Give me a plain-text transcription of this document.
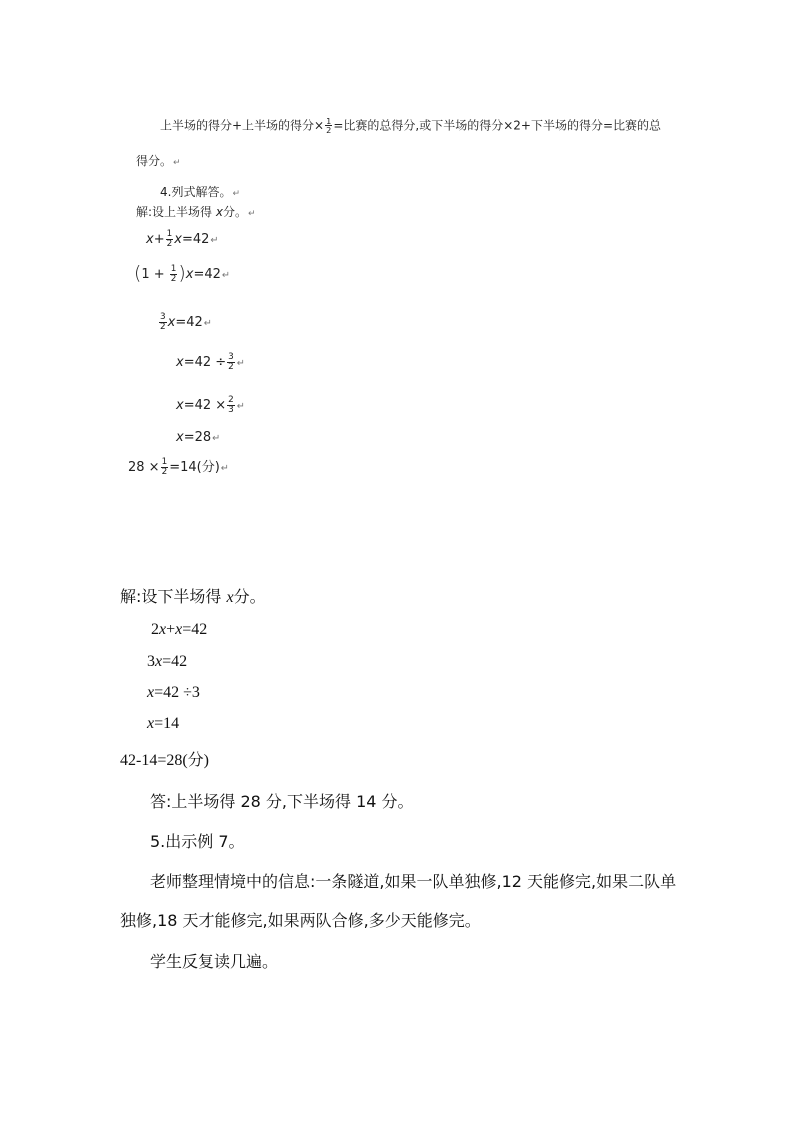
上半场的得分+上半场的得分× $\frac{1}{2}$ =比赛的总得分,或下半场的得分×2+下半场的得分=比赛的总
得分。↵
4.列式解答。↵
解:设上半场得 x分。↵
$x+ \frac{1}{2}$ x=42↵
($1 + \frac{1}{2}$ )x=42↵
$\frac{3}{2}$ x=42↵
$x=42 \div \frac{3}{2}$ ↵
$x=42 \times \frac{2}{3}$ ↵
x=28↵
$28 \times \frac{1}{2} =14$(分)↵
解:设下半场得 x分。
2x+x=42
3x=42
x=42 ÷3
x=14
42-14=28(分)
答:上半场得 28 分,下半场得 14 分。
5.出示例 7。
老师整理情境中的信息:一条隧道,如果一队单独修,12 天能修完,如果二队单
独修,18 天才能修完,如果两队合修,多少天能修完。
学生反复读几遍。
